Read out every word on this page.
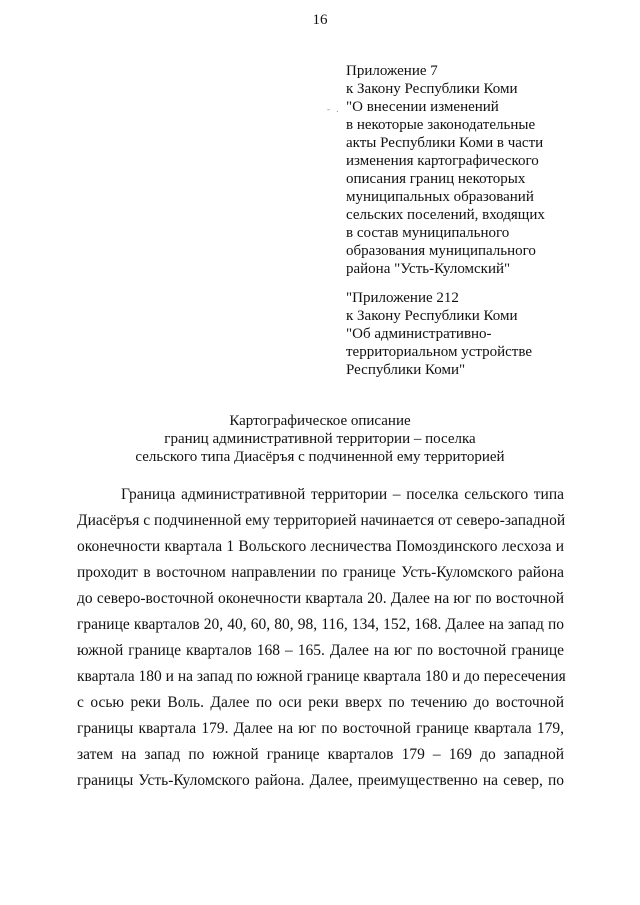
16
- .
Приложение 7
к Закону Республики Коми
"О внесении изменений
в некоторые законодательные
акты Республики Коми в части
изменения картографического
описания границ некоторых
муниципальных образований
сельских поселений, входящих
в состав муниципального
образования муниципального
района "Усть-Куломский"
"Приложение 212
к Закону Республики Коми
"Об административно-
территориальном устройстве
Республики Коми"
Картографическое описание
границ административной территории – поселка
сельского типа Диасёръя с подчиненной ему территорией
Граница административной территории – поселка сельского типа
Диасёръя с подчиненной ему территорией начинается от северо-западной
оконечности квартала 1 Вольского лесничества Помоздинского лесхоза и
проходит в восточном направлении по границе Усть-Куломского района
до северо-восточной оконечности квартала 20. Далее на юг по восточной
границе кварталов 20, 40, 60, 80, 98, 116, 134, 152, 168. Далее на запад по
южной границе кварталов 168 – 165. Далее на юг по восточной границе
квартала 180 и на запад по южной границе квартала 180 и до пересечения
с осью реки Воль. Далее по оси реки вверх по течению до восточной
границы квартала 179. Далее на юг по восточной границе квартала 179,
затем на запад по южной границе кварталов 179 – 169 до западной
границы Усть-Куломского района. Далее, преимущественно на север, по
